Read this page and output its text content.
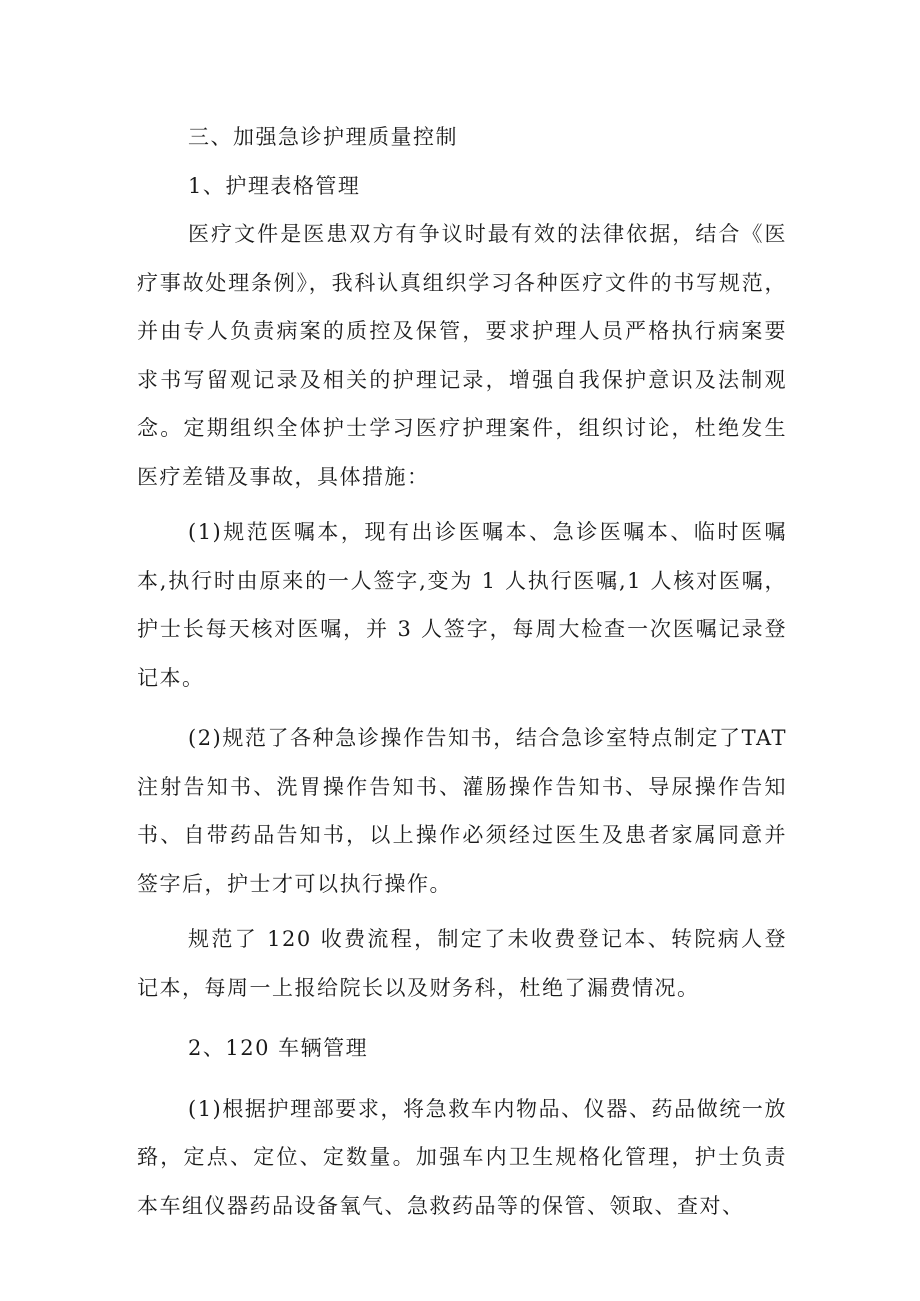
三、加强急诊护理质量控制

1、护理表格管理

医疗文件是医患双方有争议时最有效的法律依据，结合《医疗事故处理条例》，我科认真组织学习各种医疗文件的书写规范，并由专人负责病案的质控及保管，要求护理人员严格执行病案要求书写留观记录及相关的护理记录，增强自我保护意识及法制观念。定期组织全体护士学习医疗护理案件，组织讨论，杜绝发生医疗差错及事故，具体措施：

(1)规范医嘱本，现有出诊医嘱本、急诊医嘱本、临时医嘱本,执行时由原来的一人签字,变为 1 人执行医嘱,1 人核对医嘱，护士长每天核对医嘱，并 3 人签字，每周大检查一次医嘱记录登记本。

(2)规范了各种急诊操作告知书，结合急诊室特点制定了TAT 注射告知书、洗胃操作告知书、灌肠操作告知书、导尿操作告知书、自带药品告知书，以上操作必须经过医生及患者家属同意并签字后，护士才可以执行操作。

规范了 120 收费流程，制定了未收费登记本、转院病人登记本，每周一上报给院长以及财务科，杜绝了漏费情况。

2、120 车辆管理

(1)根据护理部要求，将急救车内物品、仪器、药品做统一放臵，定点、定位、定数量。加强车内卫生规格化管理，护士负责本车组仪器药品设备氧气、急救药品等的保管、领取、查对、
